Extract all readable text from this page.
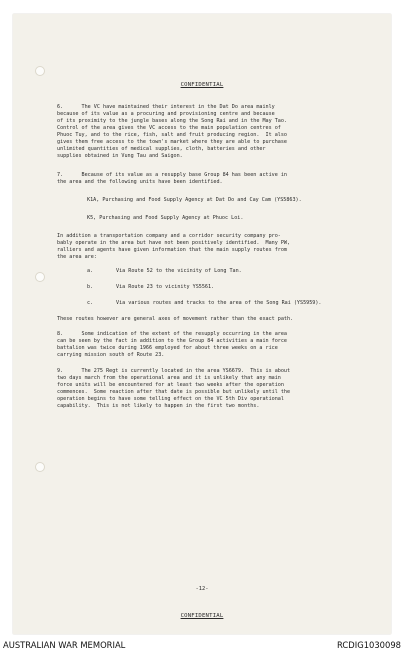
CONFIDENTIAL
6.      The VC have maintained their interest in the Dat Do area mainly
because of its value as a procuring and provisioning centre and because
of its proximity to the jungle bases along the Song Rai and in the May Tao.
Control of the area gives the VC access to the main population centres of
Phuoc Tuy, and to the rice, fish, salt and fruit producing region.  It also
gives them free access to the town's market where they are able to purchase
unlimited quantities of medical supplies, cloth, batteries and other
supplies obtained in Vung Tau and Saigon.
7.      Because of its value as a resupply base Group 84 has been active in
the area and the following units have been identified.
K1A, Purchasing and Food Supply Agency at Dat Do and Cay Cam (YS5863).
K5, Purchasing and Food Supply Agency at Phuoc Loi.
In addition a transportation company and a corridor security company pro-
bably operate in the area but have not been positively identified.  Many PW,
ralliers and agents have given information that the main supply routes from
the area are:
a.	Via Route 52 to the vicinity of Long Tan.
b.	Via Route 23 to vicinity YS5561.
c.	Via various routes and tracks to the area of the Song Rai (YS5959).
These routes however are general axes of movement rather than the exact path.
8.      Some indication of the extent of the resupply occurring in the area
can be seen by the fact in addition to the Group 84 activities a main force
battalion was twice during 1966 employed for about three weeks on a rice
carrying mission south of Route 23.
9.      The 275 Regt is currently located in the area YS6679.  This is about
two days march from the operational area and it is unlikely that any main
force units will be encountered for at least two weeks after the operation
commences.  Some reaction after that date is possible but unlikely until the
operation begins to have some telling effect on the VC 5th Div operational
capability.  This is not likely to happen in the first two months.
-12-
CONFIDENTIAL
AUSTRALIAN WAR MEMORIAL	RCDIG1030098
